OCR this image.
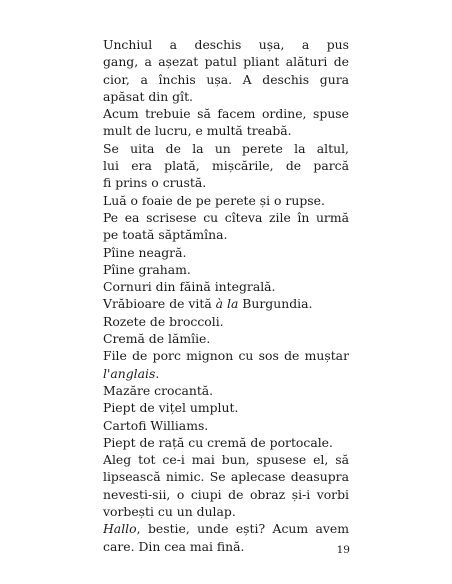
Unchiul a deschis ușa, a pus
gang, a așezat patul pliant alături de
cior, a închis ușa. A deschis gura
apăsat din gît.
Acum trebuie să facem ordine, spuse
mult de lucru, e multă treabă.
Se uita de la un perete la altul,
lui era plată, mișcările, de parcă
fi prins o crustă.
Luă o foaie de pe perete și o rupse.
Pe ea scrisese cu cîteva zile în urmă
pe toată săptămîna.
Pîine neagră.
Pîine graham.
Cornuri din făină integrală.
Vrăbioare de vită à la Burgundia.
Rozete de broccoli.
Cremă de lămîie.
File de porc mignon cu sos de muștar
l'anglais.
Mazăre crocantă.
Piept de vițel umplut.
Cartofi Williams.
Piept de rață cu cremă de portocale.
Aleg tot ce-i mai bun, spusese el, să
lipsească nimic. Se aplecase deasupra
nevesti-sii, o ciupi de obraz și-i vorbi
vorbești cu un dulap.
Hallo, bestie, unde ești? Acum avem
care. Din cea mai fină.	19
